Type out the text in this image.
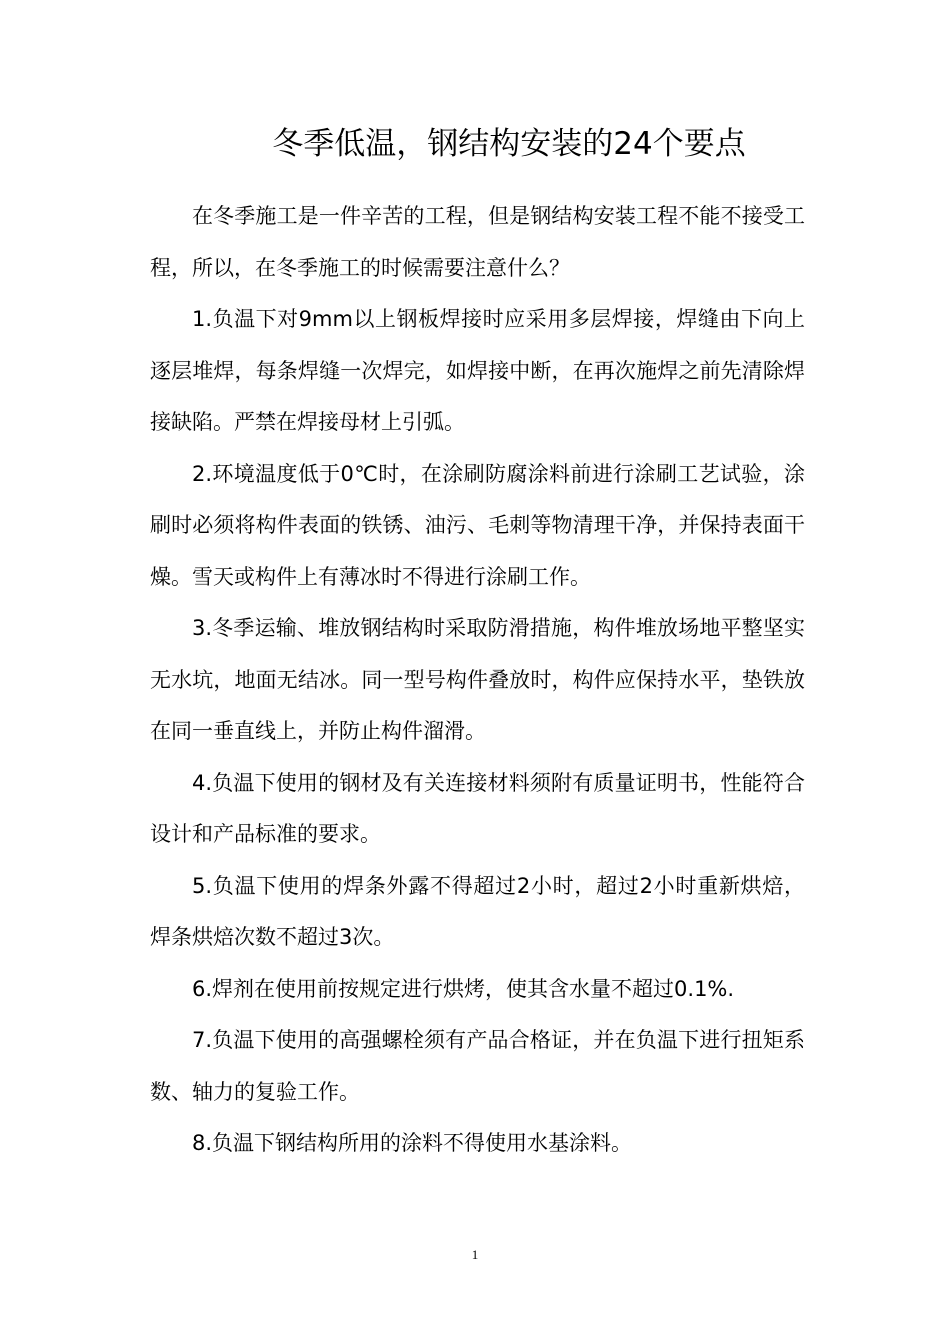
冬季低温，钢结构安装的24个要点

在冬季施工是一件辛苦的工程，但是钢结构安装工程不能不接受工程，所以，在冬季施工的时候需要注意什么？

1.负温下对9mm以上钢板焊接时应采用多层焊接，焊缝由下向上逐层堆焊，每条焊缝一次焊完，如焊接中断，在再次施焊之前先清除焊接缺陷。严禁在焊接母材上引弧。

2.环境温度低于0℃时，在涂刷防腐涂料前进行涂刷工艺试验，涂刷时必须将构件表面的铁锈、油污、毛刺等物清理干净，并保持表面干燥。雪天或构件上有薄冰时不得进行涂刷工作。

3.冬季运输、堆放钢结构时采取防滑措施，构件堆放场地平整坚实无水坑，地面无结冰。同一型号构件叠放时，构件应保持水平，垫铁放在同一垂直线上，并防止构件溜滑。

4.负温下使用的钢材及有关连接材料须附有质量证明书，性能符合设计和产品标准的要求。

5.负温下使用的焊条外露不得超过2小时，超过2小时重新烘焙，焊条烘焙次数不超过3次。

6.焊剂在使用前按规定进行烘烤，使其含水量不超过0.1%.

7.负温下使用的高强螺栓须有产品合格证，并在负温下进行扭矩系数、轴力的复验工作。

8.负温下钢结构所用的涂料不得使用水基涂料。

1
